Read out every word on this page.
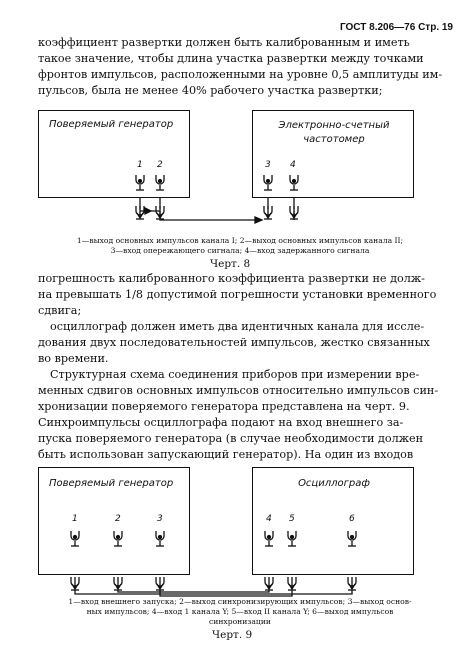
ГОСТ 8.206—76 Стр. 19
коэффициент развертки должен быть калиброванным и иметь
такое значение, чтобы длина участка развертки между точками
фронтов импульсов, расположенными на уровне 0,5 амплитуды им-
пульсов, была не менее 40% рабочего участка развертки;
Поверяемый генератор	Электронно-счетный частотомер
1 2	3 4
1—выход основных импульсов канала I; 2—выход основных импульсов канала II;
3—вход опережающего сигнала; 4—вход задержанного сигнала
Черт. 8
погрешность калиброванного коэффициента развертки не долж-
на превышать 1/8 допустимой погрешности установки временного
сдвига;
осциллограф должен иметь два идентичных канала для иссле-
дования двух последовательностей импульсов, жестко связанных
во времени.
Структурная схема соединения приборов при измерении вре-
менных сдвигов основных импульсов относительно импульсов син-
хронизации поверяемого генератора представлена на черт. 9.
Синхроимпульсы осциллографа подают на вход внешнего за-
пуска поверяемого генератора (в случае необходимости должен
быть использован запускающий генератор). На один из входов
Поверяемый генератор	Осциллограф
1	2	3	4 5	6
1—вход внешнего запуска; 2—выход синхронизирующих импульсов; 3—выход основ-
ных импульсов; 4—вход 1 канала Y; 5—вход II канала Y; 6—выход импульсов
синхронизации
Черт. 9
